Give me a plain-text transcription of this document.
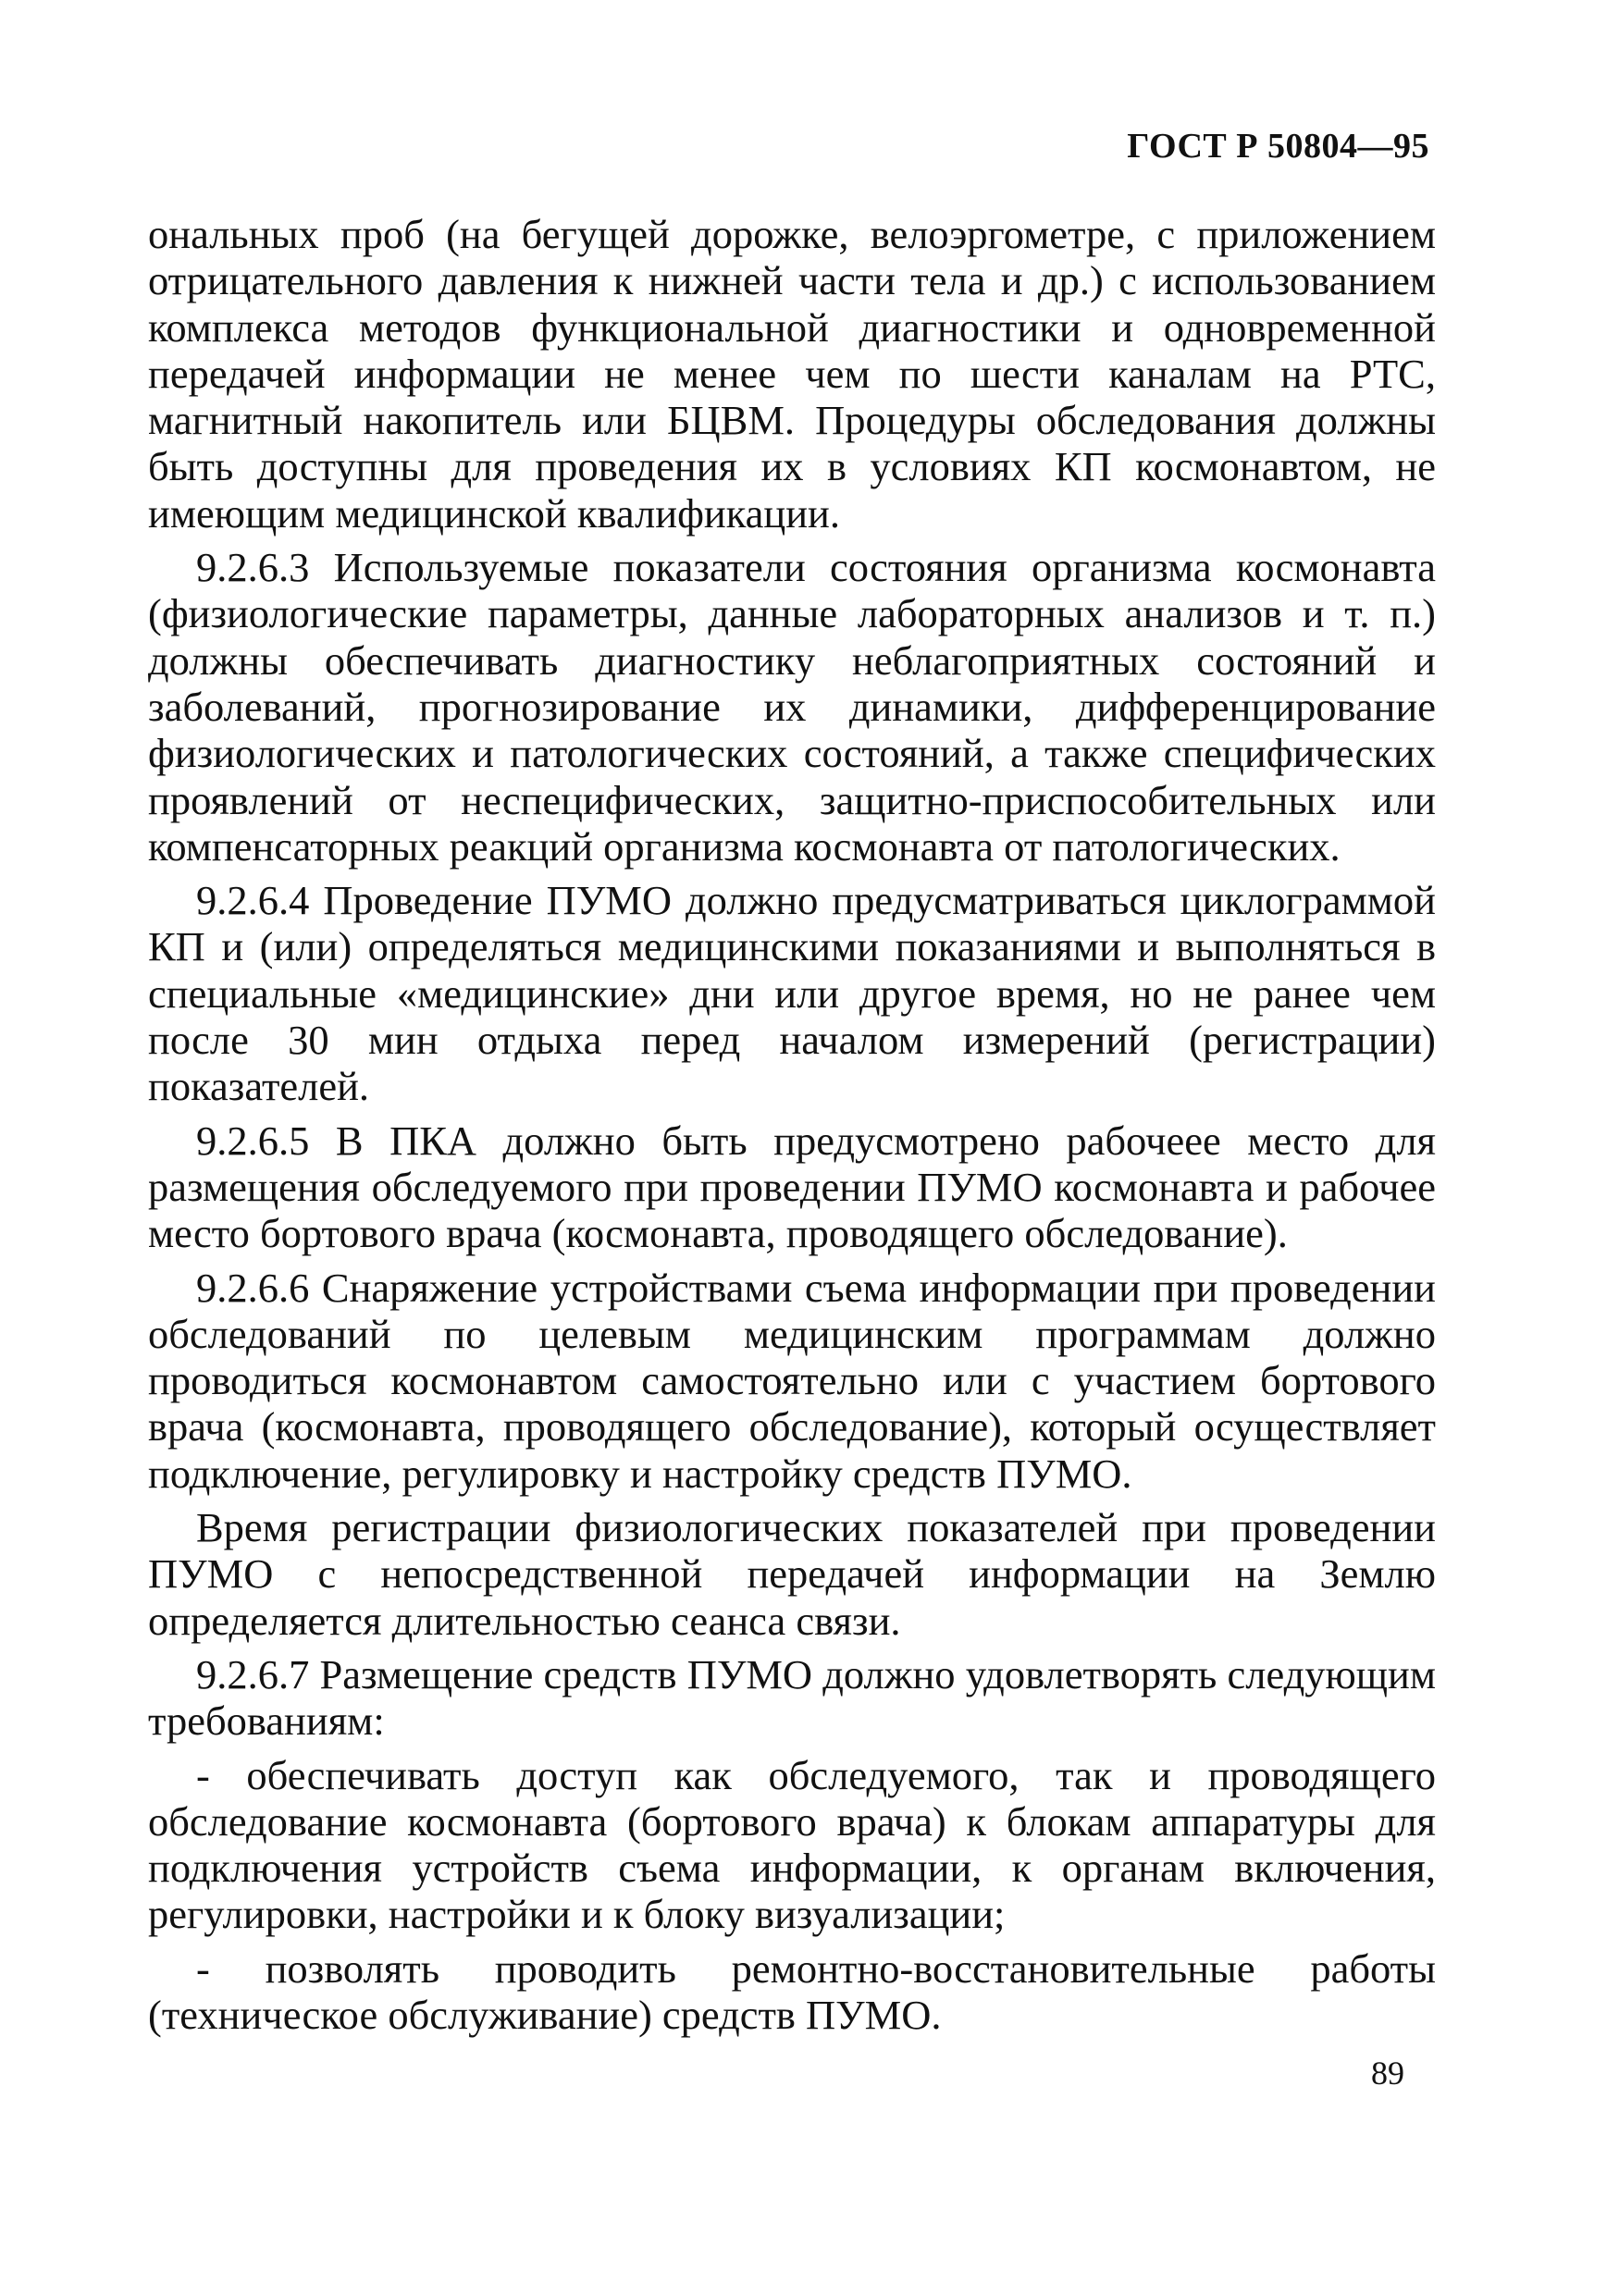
ГОСТ Р 50804—95

ональных проб (на бегущей дорожке, велоэргометре, с приложением отрицательного давления к нижней части тела и др.) с использованием комплекса методов функциональной диагностики и одновременной передачей информации не менее чем по шести каналам на РТС, магнитный накопитель или БЦВМ. Процедуры обследования должны быть доступны для проведения их в условиях КП космонавтом, не имеющим медицинской квалификации.

9.2.6.3 Используемые показатели состояния организма космонавта (физиологические параметры, данные лабораторных анализов и т. п.) должны обеспечивать диагностику неблагоприятных состояний и заболеваний, прогнозирование их динамики, дифференцирование физиологических и патологических состояний, а также специфических проявлений от неспецифических, защитно-приспособительных или компенсаторных реакций организма космонавта от патологических.

9.2.6.4 Проведение ПУМО должно предусматриваться циклограммой КП и (или) определяться медицинскими показаниями и выполняться в специальные «медицинские» дни или другое время, но не ранее чем после 30 мин отдыха перед началом измерений (регистрации) показателей.

9.2.6.5 В ПКА должно быть предусмотрено рабочеее место для размещения обследуемого при проведении ПУМО космонавта и рабочее место бортового врача (космонавта, проводящего обследование).

9.2.6.6 Снаряжение устройствами съема информации при проведении обследований по целевым медицинским программам должно проводиться космонавтом самостоятельно или с участием бортового врача (космонавта, проводящего обследование), который осуществляет подключение, регулировку и настройку средств ПУМО.

Время регистрации физиологических показателей при проведении ПУМО с непосредственной передачей информации на Землю определяется длительностью сеанса связи.

9.2.6.7 Размещение средств ПУМО должно удовлетворять следующим требованиям:

- обеспечивать доступ как обследуемого, так и проводящего обследование космонавта (бортового врача) к блокам аппаратуры для подключения устройств съема информации, к органам включения, регулировки, настройки и к блоку визуализации;

- позволять проводить ремонтно-восстановительные работы (техническое обслуживание) средств ПУМО.

89
